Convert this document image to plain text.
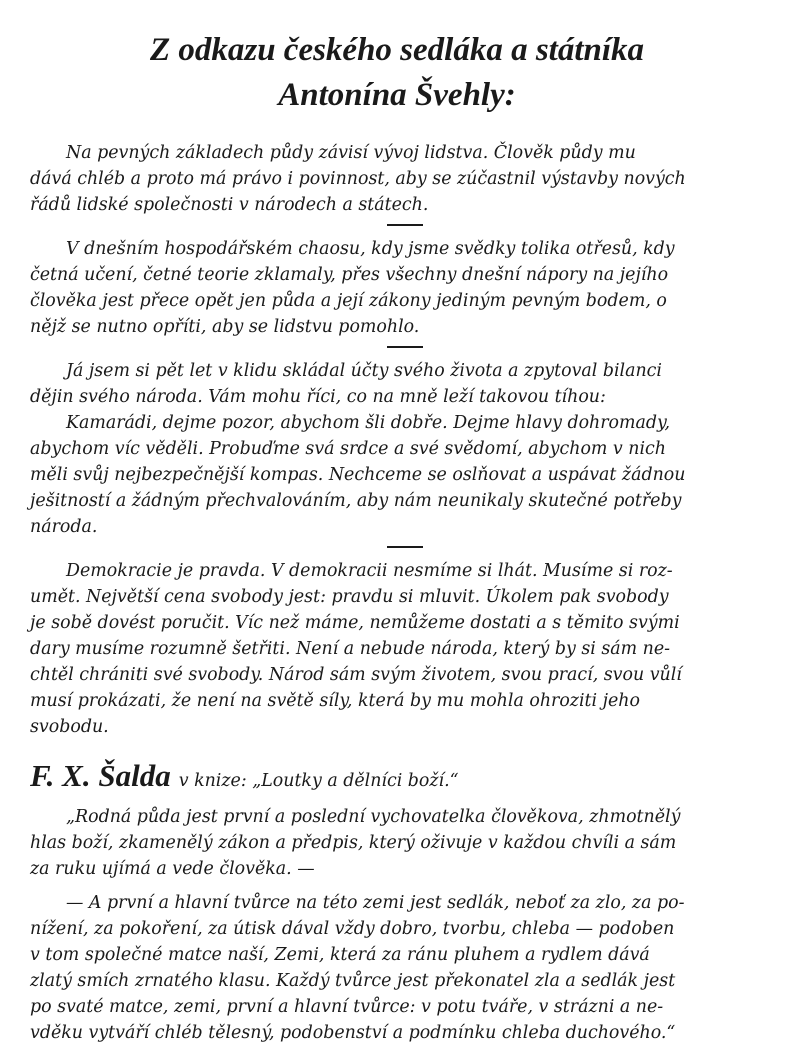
Z odkazu českého sedláka a státníka
Antonína Švehly:
Na pevných základech půdy závisí vývoj lidstva. Člověk půdy mu
dává chléb a proto má právo i povinnost, aby se zúčastnil výstavby nových
řádů lidské společnosti v národech a státech.
V dnešním hospodářském chaosu, kdy jsme svědky tolika otřesů, kdy
četná učení, četné teorie zklamaly, přes všechny dnešní nápory na jejího
člověka jest přece opět jen půda a její zákony jediným pevným bodem, o
nějž se nutno opříti, aby se lidstvu pomohlo.
Já jsem si pět let v klidu skládal účty svého života a zpytoval bilanci
dějin svého národa. Vám mohu říci, co na mně leží takovou tíhou:
Kamarádi, dejme pozor, abychom šli dobře. Dejme hlavy dohromady,
abychom víc věděli. Probuďme svá srdce a své svědomí, abychom v nich
měli svůj nejbezpečnější kompas. Nechceme se oslňovat a uspávat žádnou
ješitností a žádným přechvalováním, aby nám neunikaly skutečné potřeby
národa.
Demokracie je pravda. V demokracii nesmíme si lhát. Musíme si roz-
umět. Největší cena svobody jest: pravdu si mluvit. Úkolem pak svobody
je sobě dovést poručit. Víc než máme, nemůžeme dostati a s těmito svými
dary musíme rozumně šetřiti. Není a nebude národa, který by si sám ne-
chtěl chrániti své svobody. Národ sám svým životem, svou prací, svou vůlí
musí prokázati, že není na světě síly, která by mu mohla ohroziti jeho
svobodu.
F. X. Šalda v knize: „Loutky a dělníci boží.“
„Rodná půda jest první a poslední vychovatelka člověkova, zhmotnělý
hlas boží, zkamenělý zákon a předpis, který oživuje v každou chvíli a sám
za ruku ujímá a vede člověka. —
— A první a hlavní tvůrce na této zemi jest sedlák, neboť za zlo, za po-
nížení, za pokoření, za útisk dával vždy dobro, tvorbu, chleba — podoben
v tom společné matce naší, Zemi, která za ránu pluhem a rydlem dává
zlatý smích zrnatého klasu. Každý tvůrce jest překonatel zla a sedlák jest
po svaté matce, zemi, první a hlavní tvůrce: v potu tváře, v strázni a ne-
vděku vytváří chléb tělesný, podobenství a podmínku chleba duchového.“
